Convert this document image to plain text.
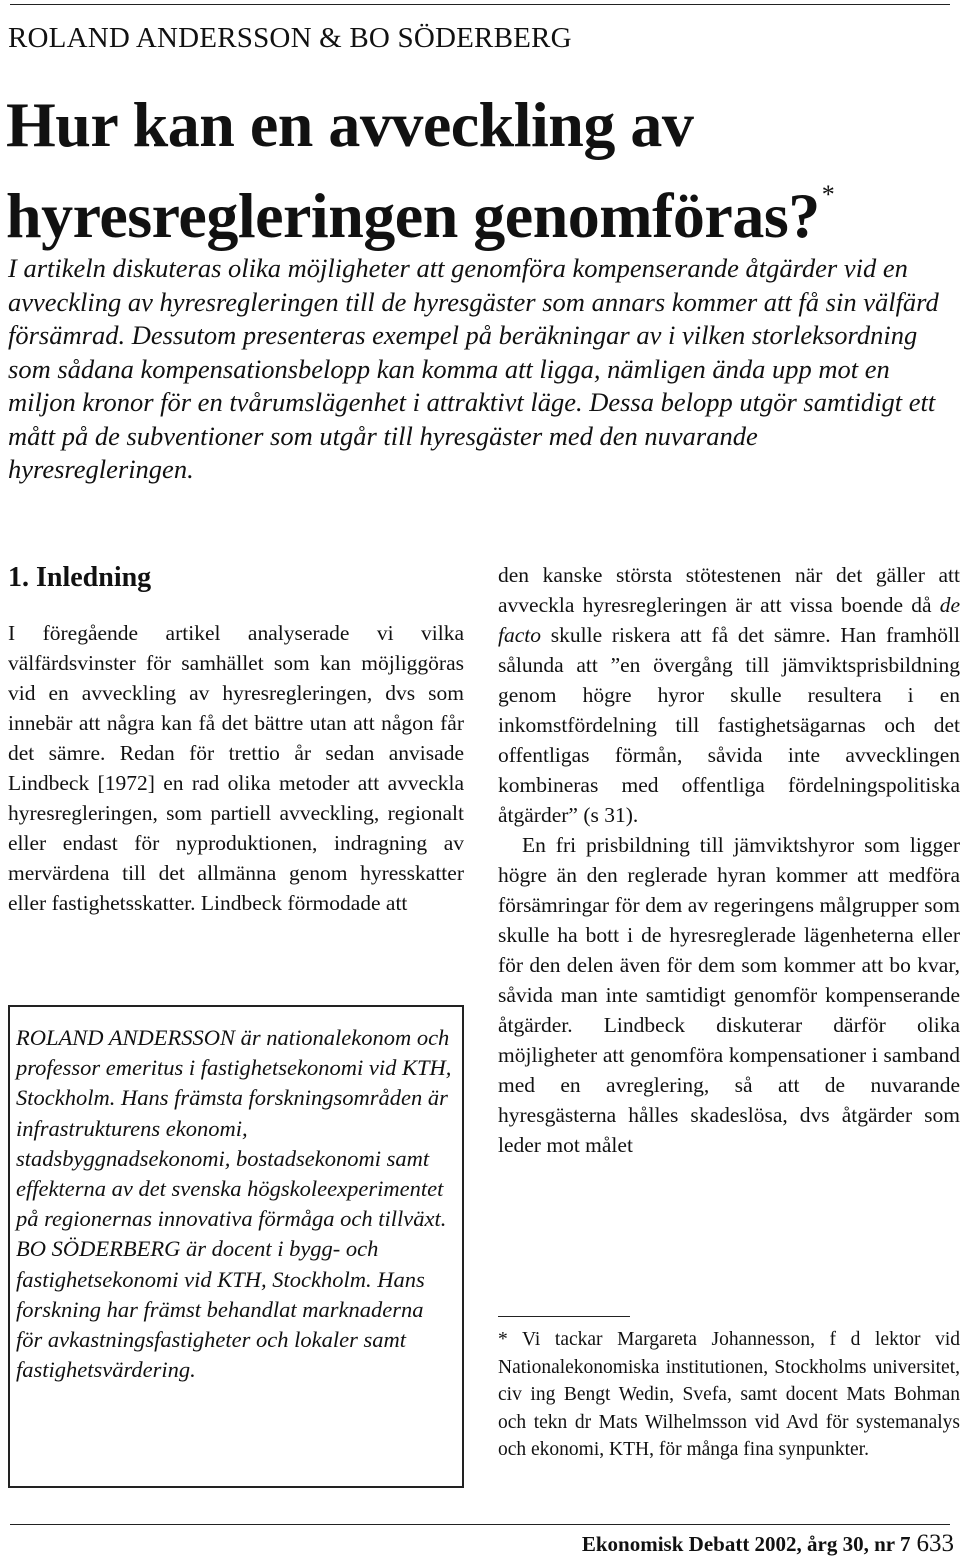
ROLAND ANDERSSON & BO SÖDERBERG
Hur kan en avveckling av hyresregleringen genomföras?*
I artikeln diskuteras olika möjligheter att genomföra kompenserande åtgärder vid en avveckling av hyresregleringen till de hyresgäster som annars kommer att få sin välfärd försämrad. Dessutom presenteras exempel på beräkningar av i vilken storleksordning som sådana kompensationsbelopp kan komma att ligga, nämligen ända upp mot en miljon kronor för en tvårumslägenhet i attraktivt läge. Dessa belopp utgör samtidigt ett mått på de subventioner som utgår till hyresgäster med den nuvarande hyresregleringen.
1. Inledning

I föregående artikel analyserade vi vilka välfärdsvinster för samhället som kan möjliggöras vid en avveckling av hyresregleringen, dvs som innebär att några kan få det bättre utan att någon får det sämre. Redan för trettio år sedan anvisade Lindbeck [1972] en rad olika metoder att avveckla hyresregleringen, som partiell avveckling, regionalt eller endast för nyproduktionen, indragning av mervärdena till det allmänna genom hyresskatter eller fastighetsskatter. Lindbeck förmodade att

ROLAND ANDERSSON är nationalekonom och professor emeritus i fastighetsekonomi vid KTH, Stockholm. Hans främsta forskningsområden är infrastrukturens ekonomi, stadsbyggnadsekonomi, bostadsekonomi samt effekterna av det svenska högskoleexperimentet på regionernas innovativa förmåga och tillväxt.

BO SÖDERBERG är docent i bygg- och fastighetsekonomi vid KTH, Stockholm. Hans forskning har främst behandlat marknaderna för avkastningsfastigheter och lokaler samt fastighetsvärdering.

den kanske största stötestenen när det gäller att avveckla hyresregleringen är att vissa boende då de facto skulle riskera att få det sämre. Han framhöll sålunda att ”en övergång till jämviktsprisbildning genom högre hyror skulle resultera i en inkomstfördelning till fastighetsägarnas och det offentligas förmån, såvida inte avvecklingen kombineras med offentliga fördelningspolitiska åtgärder” (s 31).

En fri prisbildning till jämviktshyror som ligger högre än den reglerade hyran kommer att medföra försämringar för dem av regeringens målgrupper som skulle ha bott i de hyresreglerade lägenheterna eller för den delen även för dem som kommer att bo kvar, såvida man inte samtidigt genomför kompenserande åtgärder. Lindbeck diskuterar därför olika möjligheter att genomföra kompensationer i samband med en avreglering, så att de nuvarande hyresgästerna hålles skadeslösa, dvs åtgärder som leder mot målet

* Vi tackar Margareta Johannesson, f d lektor vid Nationalekonomiska institutionen, Stockholms universitet, civ ing Bengt Wedin, Svefa, samt docent Mats Bohman och tekn dr Mats Wilhelmsson vid Avd för systemanalys och ekonomi, KTH, för många fina synpunkter.
Ekonomisk Debatt 2002, årg 30, nr 7 633
